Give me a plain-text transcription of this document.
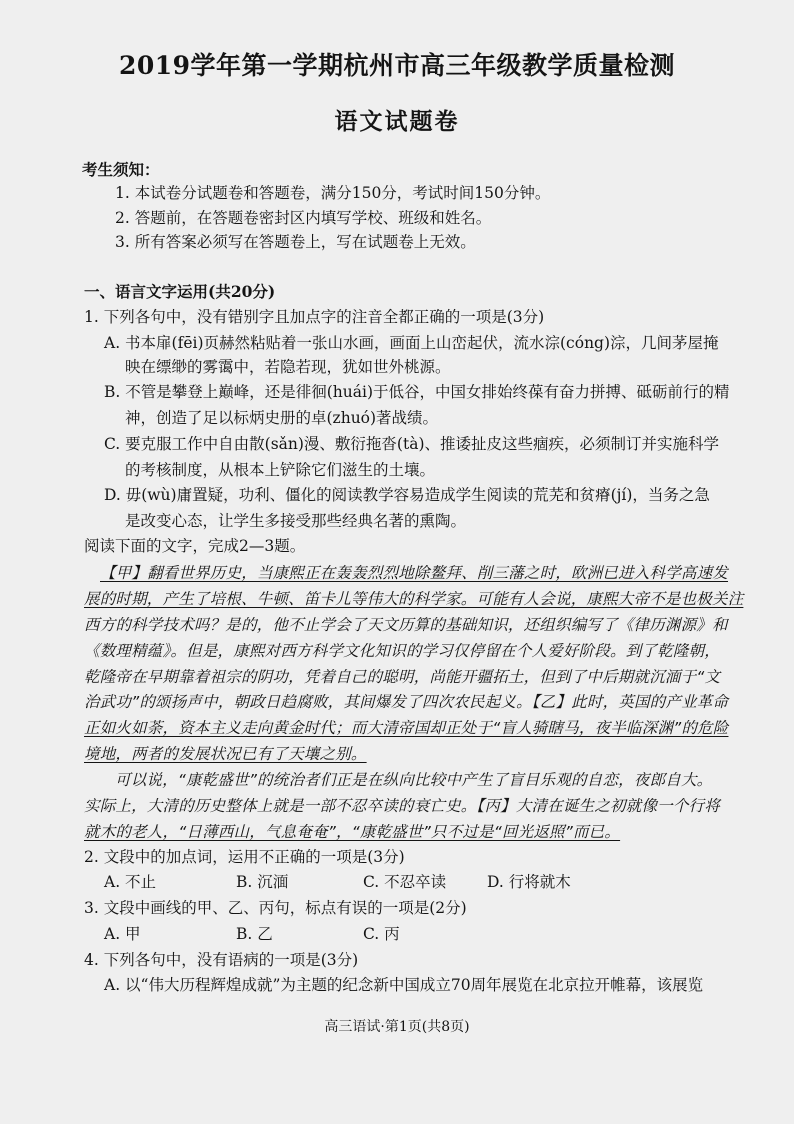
2019学年第一学期杭州市高三年级教学质量检测
语文试题卷
考生须知：
1. 本试卷分试题卷和答题卷，满分150分，考试时间150分钟。
2. 答题前，在答题卷密封区内填写学校、班级和姓名。
3. 所有答案必须写在答题卷上，写在试题卷上无效。
一、语言文字运用(共20分)
1. 下列各句中，没有错别字且加点字的注音全都正确的一项是(3分)
A. 书本扉(fēi)页赫然粘贴着一张山水画，画面上山峦起伏，流水淙(cóng)淙，几间茅屋掩
映在缥缈的雾霭中，若隐若现，犹如世外桃源。
B. 不管是攀登上巅峰，还是徘徊(huái)于低谷，中国女排始终葆有奋力拼搏、砥砺前行的精
神，创造了足以标炳史册的卓(zhuó)著战绩。
C. 要克服工作中自由散(sǎn)漫、敷衍拖沓(tà)、推诿扯皮这些痼疾，必须制订并实施科学
的考核制度，从根本上铲除它们滋生的土壤。
D. 毋(wù)庸置疑，功利、僵化的阅读教学容易造成学生阅读的荒芜和贫瘠(jí)，当务之急
是改变心态，让学生多接受那些经典名著的熏陶。
阅读下面的文字，完成2—3题。
【甲】翻看世界历史，当康熙正在轰轰烈烈地除鳌拜、削三藩之时，欧洲已进入科学高速发
展的时期，产生了培根、牛顿、笛卡儿等伟大的科学家。可能有人会说，康熙大帝不是也极关注
西方的科学技术吗？是的，他不止学会了天文历算的基础知识，还组织编写了《律历渊源》和
《数理精蕴》。但是，康熙对西方科学文化知识的学习仅停留在个人爱好阶段。到了乾隆朝，
乾隆帝在早期靠着祖宗的阴功，凭着自己的聪明，尚能开疆拓土，但到了中后期就沉湎于“文
治武功”的颂扬声中，朝政日趋腐败，其间爆发了四次农民起义。【乙】此时，英国的产业革命
正如火如荼，资本主义走向黄金时代；而大清帝国却正处于“盲人骑瞎马，夜半临深渊”的危险
境地，两者的发展状况已有了天壤之别。
可以说，“康乾盛世”的统治者们正是在纵向比较中产生了盲目乐观的自恋，夜郎自大。
实际上，大清的历史整体上就是一部不忍卒读的衰亡史。【丙】大清在诞生之初就像一个行将
就木的老人，“日薄西山，气息奄奄”，“康乾盛世”只不过是“回光返照”而已。
2. 文段中的加点词，运用不正确的一项是(3分)
A. 不止	B. 沉湎	C. 不忍卒读	D. 行将就木
3. 文段中画线的甲、乙、丙句，标点有误的一项是(2分)
A. 甲	B. 乙	C. 丙
4. 下列各句中，没有语病的一项是(3分)
A. 以“伟大历程辉煌成就”为主题的纪念新中国成立70周年展览在北京拉开帷幕，该展览
高三语试·第1页(共8页)
